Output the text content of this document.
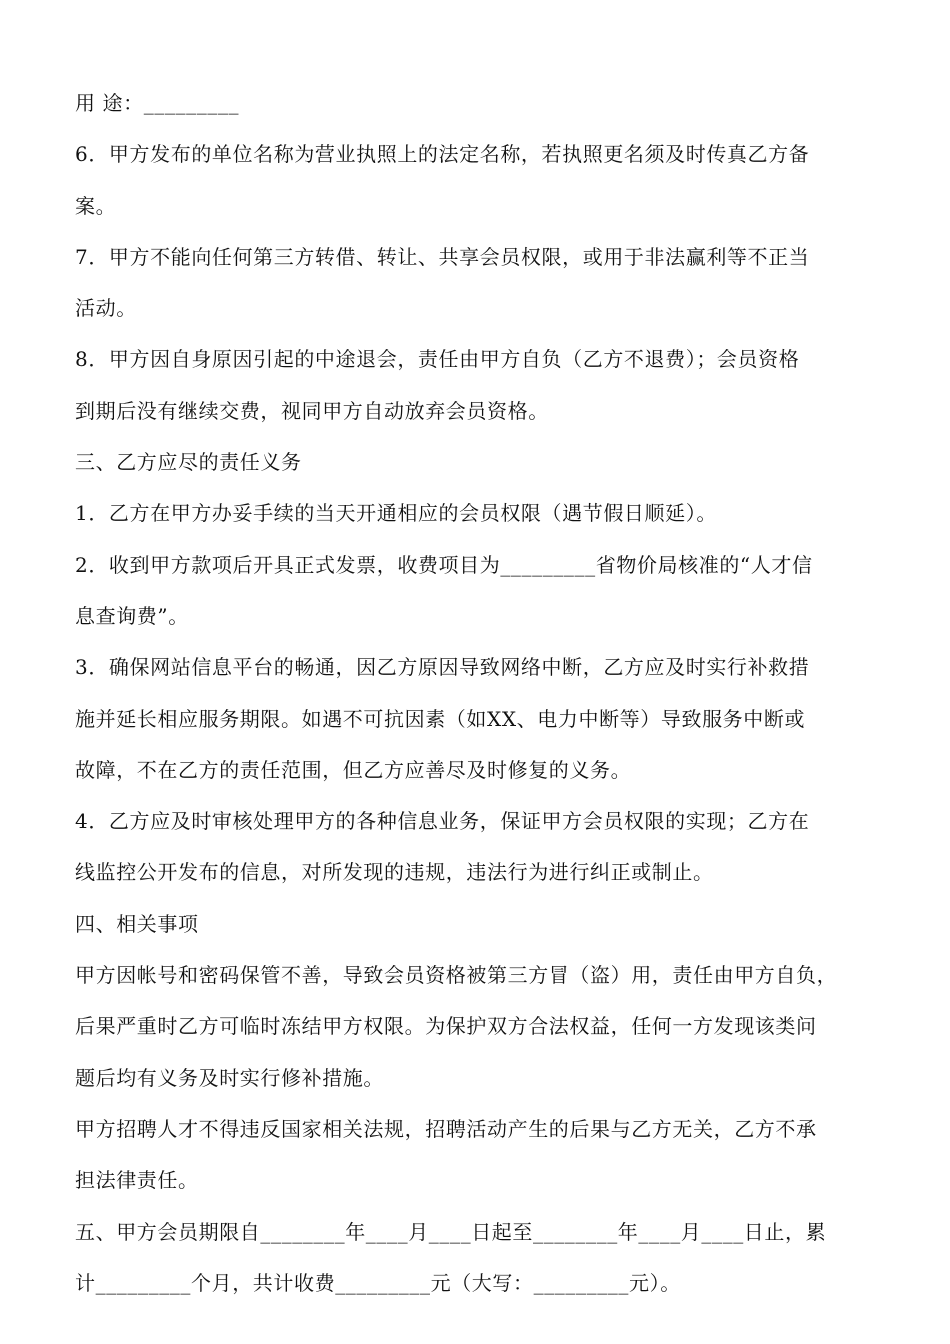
用 途：_________
6．甲方发布的单位名称为营业执照上的法定名称，若执照更名须及时传真乙方备
案。
7．甲方不能向任何第三方转借、转让、共享会员权限，或用于非法赢利等不正当
活动。
8．甲方因自身原因引起的中途退会，责任由甲方自负（乙方不退费）；会员资格
到期后没有继续交费，视同甲方自动放弃会员资格。
三、乙方应尽的责任义务
1．乙方在甲方办妥手续的当天开通相应的会员权限（遇节假日顺延）。
2．收到甲方款项后开具正式发票，收费项目为_________省物价局核准的“人才信
息查询费”。
3．确保网站信息平台的畅通，因乙方原因导致网络中断，乙方应及时实行补救措
施并延长相应服务期限。如遇不可抗因素（如XX、电力中断等）导致服务中断或
故障，不在乙方的责任范围，但乙方应善尽及时修复的义务。
4．乙方应及时审核处理甲方的各种信息业务，保证甲方会员权限的实现；乙方在
线监控公开发布的信息，对所发现的违规，违法行为进行纠正或制止。
四、相关事项
甲方因帐号和密码保管不善，导致会员资格被第三方冒（盗）用，责任由甲方自负，
后果严重时乙方可临时冻结甲方权限。为保护双方合法权益，任何一方发现该类问
题后均有义务及时实行修补措施。
甲方招聘人才不得违反国家相关法规，招聘活动产生的后果与乙方无关，乙方不承
担法律责任。
五、甲方会员期限自________年____月____日起至________年____月____日止，累
计_________个月，共计收费_________元（大写：_________元）。
